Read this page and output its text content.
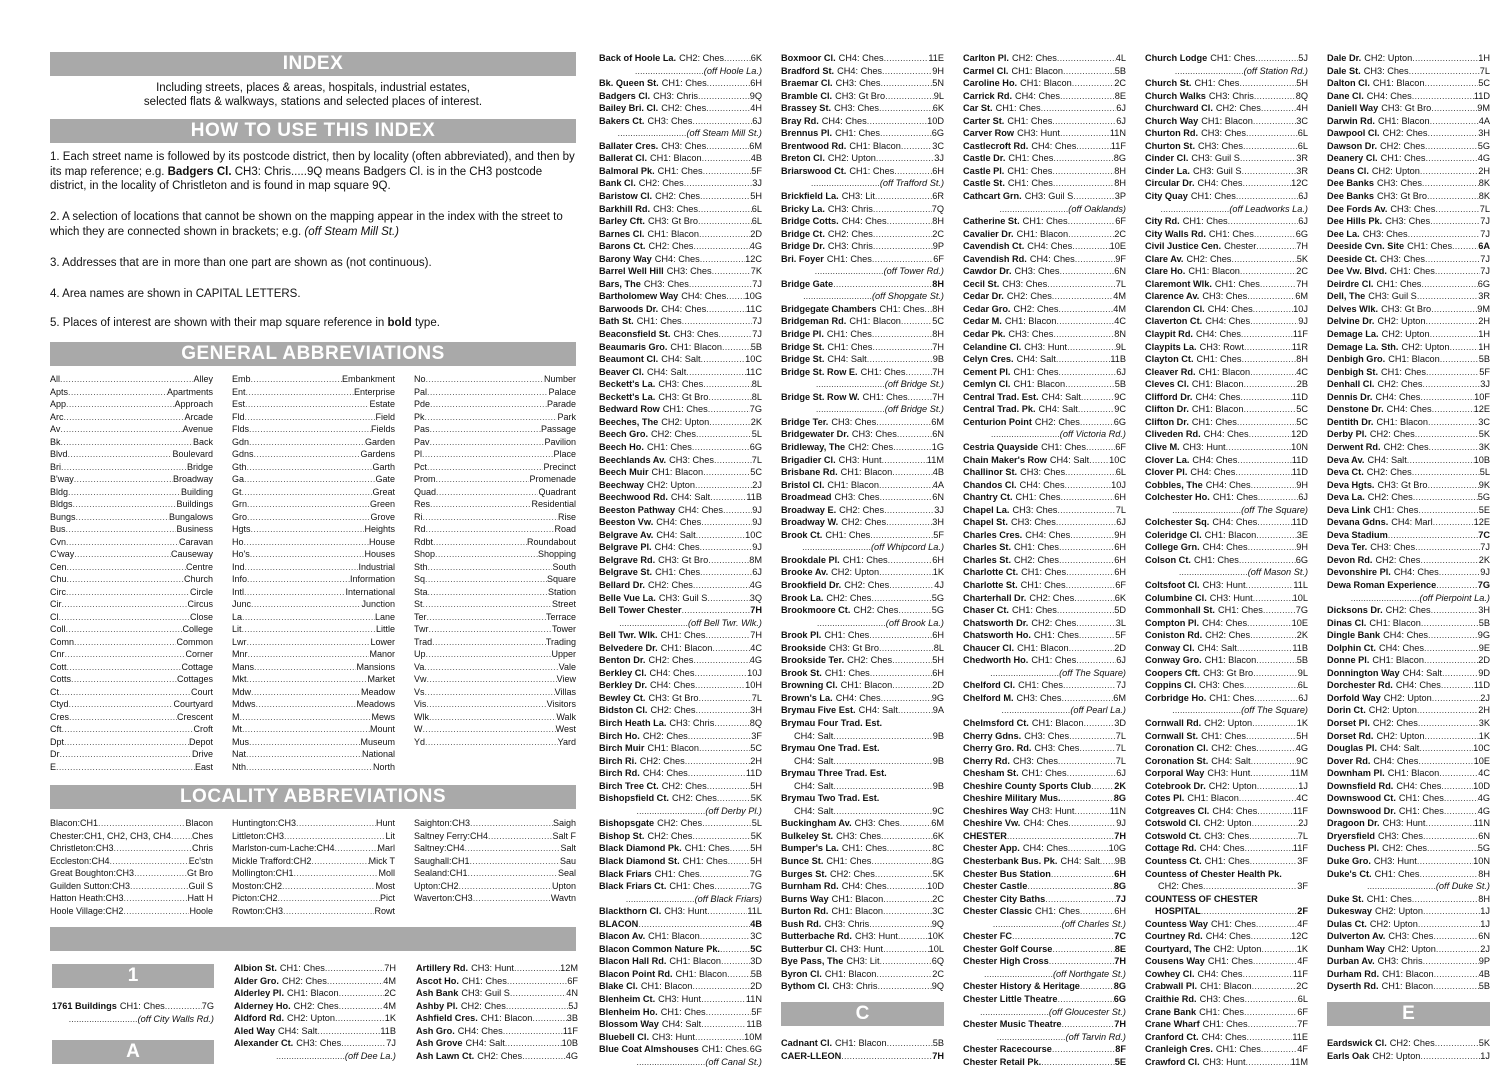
INDEX
Including streets, places & areas, hospitals, industrial estates,
selected flats & walkways, stations and selected places of interest.
HOW TO USE THIS INDEX
1. Each street name is followed by its postcode district, then by locality (often abbreviated), and then by its map reference; e.g. Badgers Cl. CH3: Chris.....9Q means Badgers Cl. is in the CH3 postcode district, in the locality of Christleton and is found in map square 9Q.
2. A selection of locations that cannot be shown on the mapping appear in the index with the street to which they are connected shown in brackets; e.g. (off Steam Mill St.)
3. Addresses that are in more than one part are shown as (not continuous).
4. Area names are shown in CAPITAL LETTERS.
5. Places of interest are shown with their map square reference in bold type.
GENERAL ABBREVIATIONS
All .....	Alley
Apts .....	Apartments
App .....	Approach
Arc .....	Arcade
Av .....	Avenue
Bk .....	Back
Blvd .....	Boulevard
Bri .....	Bridge
B'way .....	Broadway
Bldg .....	Building
Bldgs .....	Buildings
Bungs .....	Bungalows
Bus .....	Business
Cvn .....	Caravan
C'way .....	Causeway
Cen .....	Centre
Chu .....	Church
Circ .....	Circle
Cir .....	Circus
Cl .....	Close
Coll .....	College
Comn .....	Common
Cnr .....	Corner
Cott .....	Cottage
Cotts .....	Cottages
Ct .....	Court
Ctyd .....	Courtyard
Cres .....	Crescent
Cft .....	Croft
Dpt .....	Depot
Dr .....	Drive
E .....	East
Emb .....	Embankment
Ent .....	Enterprise
Est .....	Estate
Fld .....	Field
Flds .....	Fields
Gdn .....	Garden
Gdns .....	Gardens
Gth .....	Garth
Ga .....	Gate
Gt .....	Great
Grn .....	Green
Gro .....	Grove
Hgts .....	Heights
Ho .....	House
Ho's .....	Houses
Ind .....	Industrial
Info .....	Information
Intl .....	International
Junc .....	Junction
La .....	Lane
Lit .....	Little
Lwr .....	Lower
Mnr .....	Manor
Mans .....	Mansions
Mkt .....	Market
Mdw .....	Meadow
Mdws .....	Meadows
M .....	Mews
Mt .....	Mount
Mus .....	Museum
Nat .....	National
Nth .....	North
No .....	Number
Pal .....	Palace
Pde .....	Parade
Pk .....	Park
Pas .....	Passage
Pav .....	Pavilion
Pl .....	Place
Pct .....	Precinct
Prom .....	Promenade
Quad .....	Quadrant
Res .....	Residential
Ri .....	Rise
Rd .....	Road
Rdbt .....	Roundabout
Shop .....	Shopping
Sth .....	South
Sq .....	Square
Sta .....	Station
St .....	Street
Ter .....	Terrace
Twr .....	Tower
Trad .....	Trading
Up .....	Upper
Va .....	Vale
Vw .....	View
Vs .....	Villas
Vis .....	Visitors
Wlk .....	Walk
W .....	West
Yd .....	Yard
LOCALITY ABBREVIATIONS
Blacon:CH1 .....	Blacon
Chester:CH1, CH2, CH3, CH4 ..... Ches
Christleton:CH3 .....	Chris
Eccleston:CH4 .....	Ec'stn
Great Boughton:CH3 .....	Gt Bro
Guilden Sutton:CH3 .....	Guil S
Hatton Heath:CH3 .....	Hatt H
Hoole Village:CH2 .....	Hoole
Huntington:CH3 .....	Hunt
Littleton:CH3 .....	Lit
Marlston-cum-Lache:CH4 .....	Marl
Mickle Trafford:CH2 .....	Mick T
Mollington:CH1 .....	Moll
Moston:CH2 .....	Most
Picton:CH2 .....	Pict
Rowton:CH3 .....	Rowt
Saighton:CH3 .....	Saigh
Saltney Ferry:CH4 .....	Salt F
Saltney:CH4 .....	Salt
Saughall:CH1 .....	Sau
Sealand:CH1 .....	Seal
Upton:CH2 .....	Upton
Waverton:CH3 .....	Wavtn
1
1761 Buildings CH1: Ches .....	7G
...........................(off City Walls Rd.)
A
Albion St. CH1: Ches .....	7H
Alder Gro. CH2: Ches .....	4M
Alderley Pl. CH1: Blacon .....	2C
Alderney Ho. CH2: Ches .....	4M
Aldford Rd. CH2: Upton .....	1K
Aled Way CH4: Salt .....	11B
Alexander Ct. CH3: Ches .....	7J
...........................(off Dee La.)
Artillery Rd. CH3: Hunt .....	12M
Ascot Ho. CH1: Ches .....	6F
Ash Bank CH3: Guil S .....	4N
Ashby Pl. CH2: Ches .....	5J
Ashfield Cres. CH1: Blacon .....	3B
Ash Gro. CH4: Ches .....	11F
Ash Grove CH4: Salt .....	10B
Ash Lawn Ct. CH2: Ches .....	4G
Back of Hoole La. CH2: Ches .....	6K
...........................(off Hoole La.)
Bk. Queen St. CH1: Ches .....	6H
Badgers Cl. CH3: Chris .....	9Q
Bailey Bri. Cl. CH2: Ches .....	4H
Bakers Ct. CH3: Ches .....	6J
...........................(off Steam Mill St.)
Ballater Cres. CH3: Ches .....	6M
Ballerat Cl. CH1: Blacon .....	4B
Balmoral Pk. CH1: Ches .....	5F
Bank Cl. CH2: Ches .....	3J
Baristow Cl. CH2: Ches .....	5H
Barkhill Rd. CH3: Ches .....	6L
Barley Cft. CH3: Gt Bro .....	6L
Barnes Cl. CH1: Blacon .....	2D
Barons Ct. CH2: Ches .....	4G
Barony Way CH4: Ches .....	12C
Barrel Well Hill CH3: Ches .....	7K
Bars, The CH3: Ches .....	7J
Bartholomew Way CH4: Ches ..... 10G
Barwoods Dr. CH4: Ches .....	11C
Bath St. CH1: Ches .....	7J
Beaconsfield St. CH3: Ches .....	7J
Beaumaris Gro. CH1: Blacon .....	5B
Beaumont Cl. CH4: Salt .....	10C
Beaver Cl. CH4: Salt .....	11C
Beckett's La. CH3: Ches .....	8L
Beckett's La. CH3: Gt Bro .....	8L
Bedward Row CH1: Ches .....	7G
Beeches, The CH2: Upton .....	2K
Beech Gro. CH2: Ches .....	5L
Beech Ho. CH1: Ches .....	6G
Beechlands Av. CH3: Ches .....	7L
Beech Muir CH1: Blacon .....	5C
Beechway CH2: Upton .....	2J
Beechwood Rd. CH4: Salt .....	11B
Beeston Pathway CH4: Ches .....	9J
Beeston Vw. CH4: Ches .....	9J
Belgrave Av. CH4: Salt .....	10C
Belgrave Pl. CH4: Ches .....	9J
Belgrave Rd. CH3: Gt Bro .....	8M
Belgrave St. CH1: Ches .....	6J
Bellard Dr. CH2: Ches .....	4G
Belle Vue La. CH3: Guil S .....	3Q
Bell Tower Chester .....	7H
...........................(off Bell Twr. Wlk.)
Bell Twr. Wlk. CH1: Ches .....	7H
Belvedere Dr. CH1: Blacon .....	4C
Benton Dr. CH2: Ches .....	4G
Berkley Cl. CH4: Ches .....	10J
Berkley Dr. CH4: Ches .....	10H
Bewley Ct. CH3: Gt Bro .....	7L
Bidston Cl. CH2: Ches .....	3H
Birch Heath La. CH3: Chris .....	8Q
Birch Ho. CH2: Ches .....	3F
Birch Muir CH1: Blacon .....	5C
Birch Ri. CH2: Ches .....	2H
Birch Rd. CH4: Ches .....	11D
Birch Tree Ct. CH2: Ches .....	5H
Bishopsfield Ct. CH2: Ches .....	5K
...........................(off Derby Pl.)
Bishopsgate CH2: Ches .....	5L
Bishop St. CH2: Ches .....	5K
Black Diamond Pk. CH1: Ches ..... 5H
Black Diamond St. CH1: Ches ..... 5H
Black Friars CH1: Ches .....	7G
Black Friars Ct. CH1: Ches .....	7G
...........................(off Black Friars)
Blackthorn Cl. CH3: Hunt .....	11L
BLACON .....	4B
Blacon Av. CH1: Blacon .....	3C
Blacon Common Nature Pk. .....	5C
Blacon Hall Rd. CH1: Blacon .....	3D
Blacon Point Rd. CH1: Blacon .....	5B
Blake Cl. CH1: Blacon .....	2D
Blenheim Ct. CH3: Hunt .....	11N
Blenheim Ho. CH1: Ches .....	5F
Blossom Way CH4: Salt .....	11B
Bluebell Cl. CH3: Hunt .....	10M
Blue Coat Almshouses CH1: Ches ..... 6G
...........................(off Canal St.)
Boxmoor Cl. CH4: Ches .....	11E
Bradford St. CH4: Ches .....	9H
Braemar Cl. CH3: Ches .....	5N
Bramble Cl. CH3: Gt Bro .....	9L
Brassey St. CH3: Ches .....	6K
Bray Rd. CH4: Ches .....	10D
Brennus Pl. CH1: Ches .....	6G
Brentwood Rd. CH1: Blacon .....	3C
Breton Cl. CH2: Upton .....	3J
Briarswood Ct. CH1: Ches .....	6H
...........................(off Trafford St.)
Brickfield La. CH3: Lit .....	6R
Bricky La. CH3: Chris .....	7Q
Bridge Cotts. CH4: Ches .....	8H
Bridge Ct. CH2: Ches .....	2C
Bridge Dr. CH3: Chris .....	9P
Bri. Foyer CH1: Ches .....	6F
...........................(off Tower Rd.)
Bridge Gate .....	8H
...........................(off Shopgate St.)
Bridgegate Chambers CH1: Ches ..... 8H
Bridgeman Rd. CH1: Blacon .....	5C
Bridge Pl. CH1: Ches .....	8H
Bridge St. CH1: Ches .....	7H
Bridge St. CH4: Salt .....	9B
Bridge St. Row E. CH1: Ches .....	7H
...........................(off Bridge St.)
Bridge St. Row W. CH1: Ches .....	7H
...........................(off Bridge St.)
Bridge Ter. CH3: Ches .....	6M
Bridgewater Dr. CH3: Ches .....	6N
Bridleway, The CH2: Ches .....	1G
Brigadier Cl. CH3: Hunt .....	11M
Brisbane Rd. CH1: Blacon .....	4B
Bristol Cl. CH1: Blacon .....	4A
Broadmead CH3: Ches .....	6N
Broadway E. CH2: Ches .....	3J
Broadway W. CH2: Ches .....	3H
Brook Ct. CH1: Ches .....	5F
...........................(off Whipcord La.)
Brookdale Pl. CH1: Ches .....	6H
Brooke Av. CH2: Upton .....	1K
Brookfield Dr. CH2: Ches .....	4J
Brook La. CH2: Ches .....	5G
Brookmoore Ct. CH2: Ches .....	5G
...........................(off Brook La.)
Brook Pl. CH1: Ches .....	6H
Brookside CH3: Gt Bro .....	8L
Brookside Ter. CH2: Ches .....	5H
Brook St. CH1: Ches .....	6H
Browning Cl. CH1: Blacon .....	2D
Brown's La. CH4: Ches .....	9G
Brymau Five Est. CH4: Salt .....	9A
Brymau Four Trad. Est.
CH4: Salt .....	9B
Brymau One Trad. Est.
CH4: Salt .....	9B
Brymau Three Trad. Est.
CH4: Salt .....	9B
Brymau Two Trad. Est.
CH4: Salt .....	9C
Buckingham Av. CH3: Ches .....	6M
Bulkeley St. CH3: Ches .....	6K
Bumper's La. CH1: Ches .....	8C
Bunce St. CH1: Ches .....	8G
Burges St. CH2: Ches .....	5K
Burnham Rd. CH4: Ches .....	10D
Burns Way CH1: Blacon .....	2C
Burton Rd. CH1: Blacon .....	3C
Bush Rd. CH3: Chris .....	9Q
Butterbache Rd. CH3: Hunt .....	10K
Butterbur Cl. CH3: Hunt .....	10L
Bye Pass, The CH3: Lit .....	6Q
Byron Cl. CH1: Blacon .....	2C
Bythom Cl. CH3: Chris .....	9Q
C
Cadnant Cl. CH1: Blacon .....	5B
CAER-LLEON .....	7H
Carlton Pl. CH2: Ches .....	4L
Carmel Cl. CH1: Blacon .....	5B
Caroline Ho. CH1: Blacon .....	2C
Carrick Rd. CH4: Ches .....	8E
Car St. CH1: Ches .....	6J
Carter St. CH1: Ches .....	6J
Carver Row CH3: Hunt .....	11N
Castlecroft Rd. CH4: Ches .....	11F
Castle Dr. CH1: Ches .....	8G
Castle Pl. CH1: Ches .....	8H
Castle St. CH1: Ches .....	8H
Cathcart Grn. CH3: Guil S .....	3P
...........................(off Oaklands)
Catherine St. CH1: Ches .....	6F
Cavalier Dr. CH1: Blacon .....	2C
Cavendish Ct. CH4: Ches .....	10E
Cavendish Rd. CH4: Ches .....	9F
Cawdor Dr. CH3: Ches .....	6N
Cecil St. CH3: Ches .....	7L
Cedar Dr. CH2: Ches .....	4M
Cedar Gro. CH2: Ches .....	4M
Cedar M. CH1: Blacon .....	4C
Cedar Pk. CH3: Ches .....	8N
Celandine Cl. CH3: Hunt .....	9L
Celyn Cres. CH4: Salt .....	11B
Cement Pl. CH1: Ches .....	6J
Cemlyn Cl. CH1: Blacon .....	5B
Central Trad. Est. CH4: Salt .....	9C
Central Trad. Pk. CH4: Salt .....	9C
Centurion Point CH2: Ches .....	6G
...........................(off Victoria Rd.)
Cestria Quayside CH1: Ches .....	6F
Chain Maker's Row CH4: Salt ..... 10C
Challinor St. CH3: Ches .....	6L
Chandos Cl. CH4: Ches .....	10J
Chantry Ct. CH1: Ches .....	6H
Chapel La. CH3: Ches .....	7L
Chapel St. CH3: Ches .....	6J
Charles Cres. CH4: Ches .....	9H
Charles St. CH1: Ches .....	6H
Charles St. CH2: Ches .....	6H
Charlotte Ct. CH1: Ches .....	6H
Charlotte St. CH1: Ches .....	6F
Charterhall Dr. CH2: Ches .....	6K
Chaser Ct. CH1: Ches .....	5D
Chatsworth Dr. CH2: Ches .....	3L
Chatsworth Ho. CH1: Ches .....	5F
Chaucer Cl. CH1: Blacon .....	2D
Chedworth Ho. CH1: Ches .....	6J
...........................(off The Square)
Chelford Cl. CH1: Ches .....	7J
Chelford M. CH3: Ches .....	6M
...........................(off Pearl La.)
Chelmsford Ct. CH1: Blacon .....	3D
Cherry Gdns. CH3: Ches .....	7L
Cherry Gro. Rd. CH3: Ches .....	7L
Cherry Rd. CH3: Ches .....	7L
Chesham St. CH1: Ches .....	6J
Cheshire County Sports Club .....	2K
Cheshire Military Mus. .....	8G
Cheshires Way CH3: Hunt .....	11N
Cheshire Vw. CH4: Ches .....	9J
CHESTER .....	7H
Chester App. CH4: Ches .....	10G
Chesterbank Bus. Pk. CH4: Salt ..... 9B
Chester Bus Station .....	6H
Chester Castle .....	8G
Chester City Baths .....	7J
Chester Classic CH1: Ches .....	6H
...........................(off Charles St.)
Chester FC .....	7C
Chester Golf Course .....	8E
Chester High Cross .....	7H
...........................(off Northgate St.)
Chester History & Heritage .....	8G
Chester Little Theatre .....	6G
...........................(off Gloucester St.)
Chester Music Theatre .....	7H
...........................(off Tarvin Rd.)
Chester Racecourse .....	8F
Chester Retail Pk. .....	5E
Church Lodge CH1: Ches .....	5J
...........................(off Station Rd.)
Church St. CH1: Ches .....	5H
Church Walks CH3: Chris .....	8Q
Churchward Cl. CH2: Ches .....	4H
Church Way CH1: Blacon .....	3C
Churton Rd. CH3: Ches .....	6L
Churton St. CH3: Ches .....	6L
Cinder Cl. CH3: Guil S .....	3R
Cinder La. CH3: Guil S .....	3R
Circular Dr. CH4: Ches .....	12C
City Quay CH1: Ches .....	6J
...........................(off Leadworks La.)
City Rd. CH1: Ches .....	6J
City Walls Rd. CH1: Ches .....	6G
Civil Justice Cen. Chester .....	7H
Clare Av. CH2: Ches .....	5K
Clare Ho. CH1: Blacon .....	2C
Claremont Wlk. CH1: Ches .....	7H
Clarence Av. CH3: Ches .....	6M
Clarendon Cl. CH4: Ches .....	10J
Claverton Ct. CH4: Ches .....	9J
Claypit Rd. CH4: Ches .....	11F
Claypits La. CH3: Rowt .....	11R
Clayton Ct. CH1: Ches .....	8H
Cleaver Rd. CH1: Blacon .....	4C
Cleves Cl. CH1: Blacon .....	2B
Clifford Dr. CH4: Ches .....	11D
Clifton Dr. CH1: Blacon .....	5C
Clifton Dr. CH1: Ches .....	5C
Cliveden Rd. CH4: Ches .....	12D
Clive M. CH3: Hunt .....	10N
Clover La. CH4: Ches .....	11D
Clover Pl. CH4: Ches .....	11D
Cobbles, The CH4: Ches .....	9H
Colchester Ho. CH1: Ches .....	6J
...........................(off The Square)
Colchester Sq. CH4: Ches .....	11D
Coleridge Cl. CH1: Blacon .....	3E
College Grn. CH4: Ches .....	9H
Colson Ct. CH1: Ches .....	6G
...........................(off Mason St.)
Coltsfoot Cl. CH3: Hunt .....	11L
Columbine Cl. CH3: Hunt .....	10L
Commonhall St. CH1: Ches .....	7G
Compton Pl. CH4: Ches .....	10E
Coniston Rd. CH2: Ches .....	2K
Conway Cl. CH4: Salt .....	11B
Conway Gro. CH1: Blacon .....	5B
Coopers Cft. CH3: Gt Bro .....	9L
Coppins Cl. CH3: Ches .....	6L
Corbridge Ho. CH1: Ches .....	6J
...........................(off The Square)
Cornwall Rd. CH2: Upton .....	1K
Cornwall St. CH1: Ches .....	5H
Coronation Cl. CH2: Ches .....	4G
Coronation St. CH4: Salt .....	9C
Corporal Way CH3: Hunt .....	11M
Cotebrook Dr. CH2: Upton .....	1J
Cotes Pl. CH1: Blacon .....	4C
Cotgreaves Cl. CH4: Ches .....	11F
Cotswold Cl. CH2: Upton .....	2J
Cotswold Ct. CH3: Ches .....	7L
Cottage Rd. CH4: Ches .....	11F
Countess Ct. CH1: Ches .....	3F
Countess of Chester Health Pk.
CH2: Ches .....	3F
COUNTESS OF CHESTER
HOSPITAL .....	2F
Countess Way CH1: Ches .....	4F
Courtney Rd. CH4: Ches .....	12C
Courtyard, The CH2: Upton .....	1K
Cousens Way CH1: Ches .....	4F
Cowhey Cl. CH4: Ches .....	11F
Crabwall Pl. CH1: Blacon .....	2C
Craithie Rd. CH3: Ches .....	6L
Crane Bank CH1: Ches .....	6F
Crane Wharf CH1: Ches .....	7F
Cranford Ct. CH4: Ches .....	11E
Cranleigh Cres. CH1: Ches .....	4F
Crawford Cl. CH3: Hunt .....	11M
Dale Dr. CH2: Upton .....	1H
Dale St. CH3: Ches .....	7L
Dalton Cl. CH1: Blacon .....	5C
Dane Cl. CH4: Ches .....	11D
Daniell Way CH3: Gt Bro .....	9M
Darwin Rd. CH1: Blacon .....	4A
Dawpool Cl. CH2: Ches .....	3H
Dawson Dr. CH2: Ches .....	5G
Deanery Cl. CH1: Ches .....	4G
Deans Cl. CH2: Upton .....	2H
Dee Banks CH3: Ches .....	8K
Dee Banks CH3: Gt Bro .....	8K
Dee Fords Av. CH3: Ches .....	7L
Dee Hills Pk. CH3: Ches .....	7J
Dee La. CH3: Ches .....	7J
Deeside Cvn. Site CH1: Ches .....	6A
Deeside Ct. CH3: Ches .....	7J
Dee Vw. Blvd. CH1: Ches .....	7J
Deirdre Cl. CH1: Ches .....	6G
Dell, The CH3: Guil S .....	3R
Delves Wlk. CH3: Gt Bro .....	9M
Delvine Dr. CH2: Upton .....	2H
Demage La. CH2: Upton .....	1H
Demage La. Sth. CH2: Upton .....	1H
Denbigh Gro. CH1: Blacon .....	5B
Denbigh St. CH1: Ches .....	5F
Denhall Cl. CH2: Ches .....	3J
Dennis Dr. CH4: Ches .....	10F
Denstone Dr. CH4: Ches .....	12E
Dentith Dr. CH1: Blacon .....	3C
Derby Pl. CH2: Ches .....	5K
Derwent Rd. CH2: Ches .....	3K
Deva Av. CH4: Salt .....	10B
Deva Ct. CH2: Ches .....	5L
Deva Hgts. CH3: Gt Bro .....	9K
Deva La. CH2: Ches .....	5G
Deva Link CH1: Ches .....	5E
Devana Gdns. CH4: Marl .....	12E
Deva Stadium .....	7C
Deva Ter. CH3: Ches .....	7J
Devon Rd. CH2: Ches .....	2K
Devonshire Pl. CH4: Ches .....	9J
Dewa Roman Experience .....	7G
...........................(off Pierpoint La.)
Dicksons Dr. CH2: Ches .....	3H
Dinas Cl. CH1: Blacon .....	5B
Dingle Bank CH4: Ches .....	9G
Dolphin Ct. CH4: Ches .....	9E
Donne Pl. CH1: Blacon .....	2D
Donnington Way CH4: Salt .....	9D
Dorchester Rd. CH4: Ches .....	11D
Dorfold Way CH2: Upton .....	2J
Dorin Ct. CH2: Upton .....	2H
Dorset Pl. CH2: Ches .....	3K
Dorset Rd. CH2: Upton .....	1K
Douglas Pl. CH4: Salt .....	10C
Dover Rd. CH4: Ches .....	10E
Downham Pl. CH1: Blacon .....	4C
Downsfield Rd. CH4: Ches .....	10D
Downswood Ct. CH1: Ches .....	4G
Downswood Dr. CH1: Ches .....	4G
Dragoon Dr. CH3: Hunt .....	11N
Dryersfield CH3: Ches .....	6N
Duchess Pl. CH2: Ches .....	5G
Duke Gro. CH3: Hunt .....	10N
Duke's Ct. CH1: Ches .....	8H
...........................(off Duke St.)
Duke St. CH1: Ches .....	8H
Dukesway CH2: Upton .....	1J
Dulas Ct. CH2: Upton .....	1J
Dulverton Av. CH3: Ches .....	6N
Dunham Way CH2: Upton .....	2J
Durban Av. CH3: Chris .....	9P
Durham Rd. CH1: Blacon .....	4B
Dyserth Rd. CH1: Blacon .....	5B
E
Eardswick Cl. CH2: Ches .....	5K
Earls Oak CH2: Upton .....	1J
